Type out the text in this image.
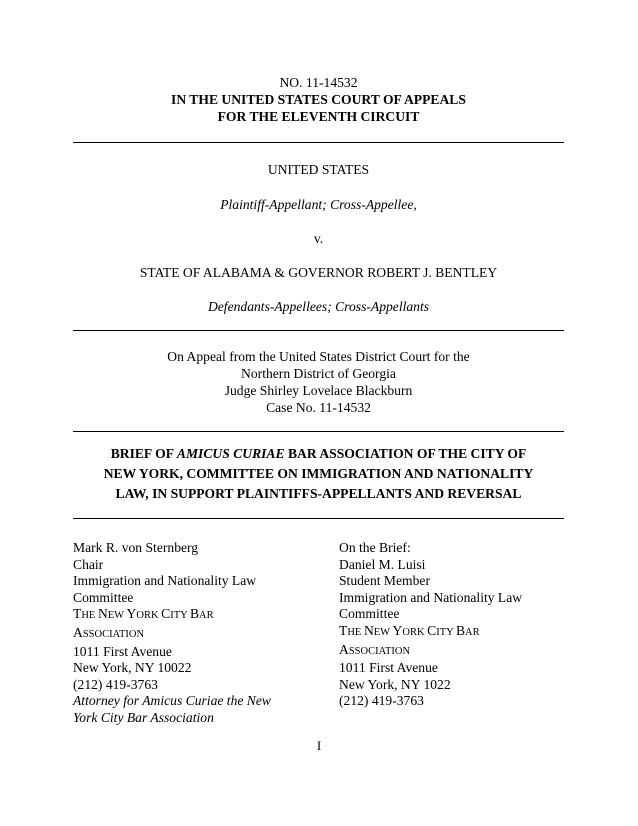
NO. 11-14532
IN THE UNITED STATES COURT OF APPEALS
FOR THE ELEVENTH CIRCUIT
UNITED STATES
Plaintiff-Appellant; Cross-Appellee,
v.
STATE OF ALABAMA & GOVERNOR ROBERT J. BENTLEY
Defendants-Appellees; Cross-Appellants
On Appeal from the United States District Court for the
Northern District of Georgia
Judge Shirley Lovelace Blackburn
Case No. 11-14532
BRIEF OF AMICUS CURIAE BAR ASSOCIATION OF THE CITY OF
NEW YORK, COMMITTEE ON IMMIGRATION AND NATIONALITY
LAW, IN SUPPORT PLAINTIFFS-APPELLANTS AND REVERSAL
Mark R. von Sternberg
Chair
Immigration and Nationality Law
Committee
THE NEW YORK CITY BAR
ASSOCIATION
1011 First Avenue
New York, NY 10022
(212) 419-3763
Attorney for Amicus Curiae the New
York City Bar Association
On the Brief:
Daniel M. Luisi
Student Member
Immigration and Nationality Law
Committee
THE NEW YORK CITY BAR
ASSOCIATION
1011 First Avenue
New York, NY 1022
(212) 419-3763
I
